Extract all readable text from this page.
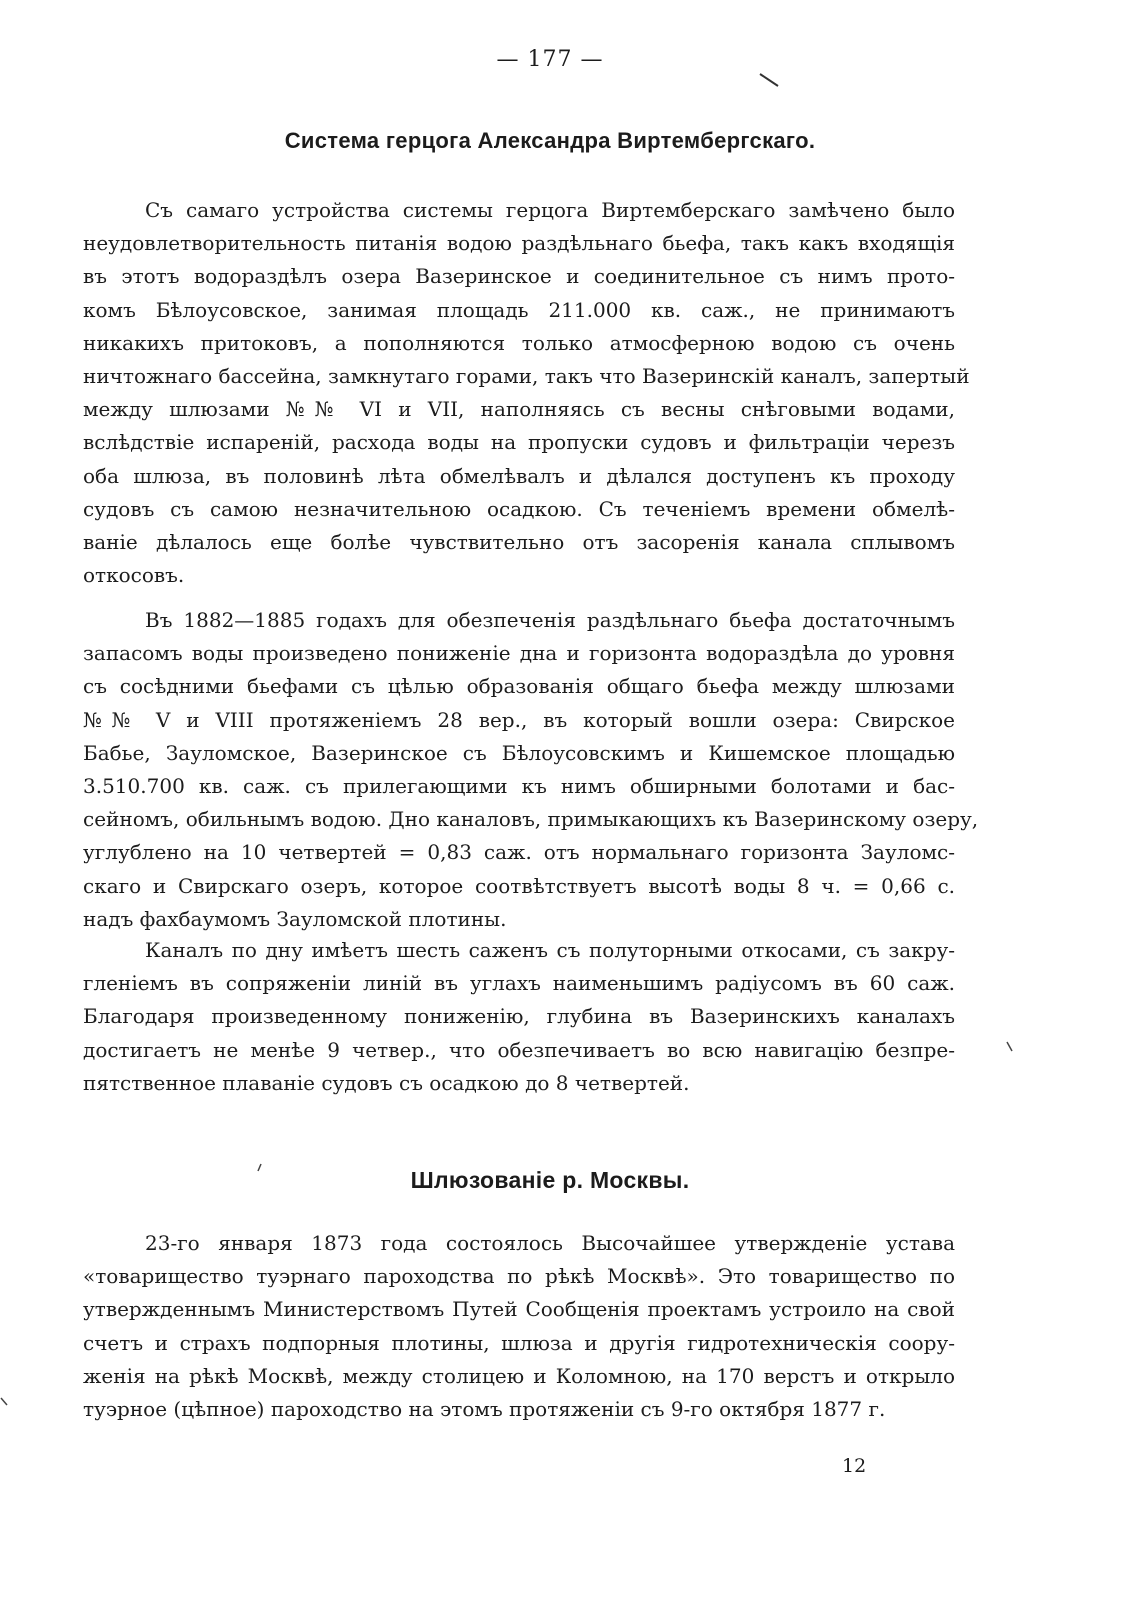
— 177 —
Система герцога Александра Виртембергскаго.
Съ самаго устройства системы герцога Виртемберскаго замѣчено было
неудовлетворительность питанія водою раздѣльнаго бьефа, такъ какъ входящія
въ этотъ водораздѣлъ озера Вазеринское и соединительное съ нимъ прото-
комъ Бѣлоусовское, занимая площадь 211.000 кв. саж., не принимаютъ
никакихъ притоковъ, а пополняются только атмосферною водою съ очень
ничтожнаго бассейна, замкнутаго горами, такъ что Вазеринскій каналъ, запертый
между шлюзами №№ VI и VII, наполняясь съ весны снѣговыми водами,
вслѣдствіе испареній, расхода воды на пропуски судовъ и фильтраціи черезъ
оба шлюза, въ половинѣ лѣта обмелѣвалъ и дѣлался доступенъ къ проходу
судовъ съ самою незначительною осадкою. Съ теченіемъ времени обмелѣ-
ваніе дѣлалось еще болѣе чувствительно отъ засоренія канала сплывомъ
откосовъ.
Въ 1882—1885 годахъ для обезпеченія раздѣльнаго бьефа достаточнымъ
запасомъ воды произведено пониженіе дна и горизонта водораздѣла до уровня
съ сосѣдними бьефами съ цѣлью образованія общаго бьефа между шлюзами
№№ V и VIII протяженіемъ 28 вер., въ который вошли озера: Свирское
Бабье, Зауломское, Вазеринское съ Бѣлоусовскимъ и Кишемское площадью
3.510.700 кв. саж. съ прилегающими къ нимъ обширными болотами и бас-
сейномъ, обильнымъ водою. Дно каналовъ, примыкающихъ къ Вазеринскому озеру,
углублено на 10 четвертей = 0,83 саж. отъ нормальнаго горизонта Зауломс-
скаго и Свирскаго озеръ, которое соотвѣтствуетъ высотѣ воды 8 ч. = 0,66 с.
надъ фахбаумомъ Зауломской плотины.
Каналъ по дну имѣетъ шесть саженъ съ полуторными откосами, съ закру-
гленіемъ въ сопряженіи линій въ углахъ наименьшимъ радіусомъ въ 60 саж.
Благодаря произведенному пониженію, глубина въ Вазеринскихъ каналахъ
достигаетъ не менѣе 9 четвер., что обезпечиваетъ во всю навигацію безпре-
пятственное плаваніе судовъ съ осадкою до 8 четвертей.
Шлюзованіе р. Москвы.
23-го января 1873 года состоялось Высочайшее утвержденіе устава
«товарищество туэрнаго пароходства по рѣкѣ Москвѣ». Это товарищество по
утвержденнымъ Министерствомъ Путей Сообщенія проектамъ устроило на свой
счетъ и страхъ подпорныя плотины, шлюза и другія гидротехническія соору-
женія на рѣкѣ Москвѣ, между столицею и Коломною, на 170 верстъ и открыло
туэрное (цѣпное) пароходство на этомъ протяженіи съ 9-го октября 1877 г.
12
